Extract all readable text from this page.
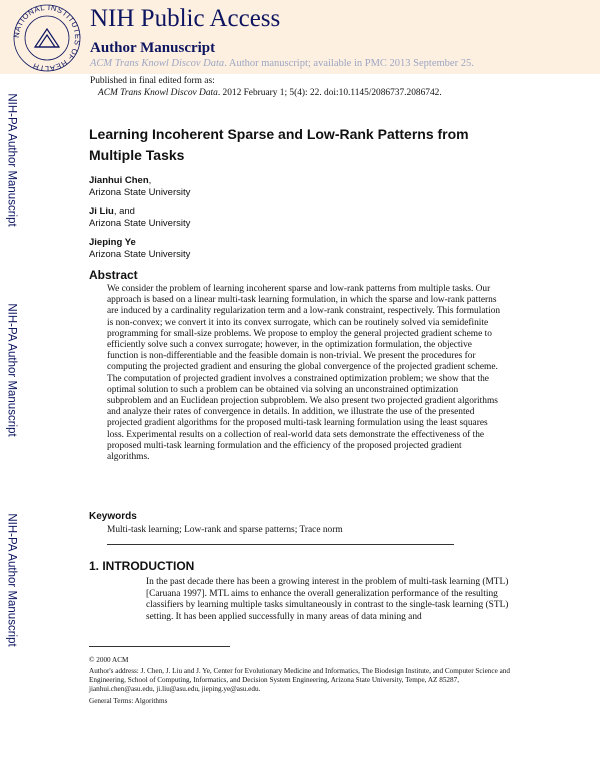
NATIONAL INSTITUTES OF HEALTH
NIH Public Access
Author Manuscript
ACM Trans Knowl Discov Data. Author manuscript; available in PMC 2013 September 25.
Published in final edited form as:
ACM Trans Knowl Discov Data. 2012 February 1; 5(4): 22. doi:10.1145/2086737.2086742.
NIH-PA Author Manuscript
NIH-PA Author Manuscript
NIH-PA Author Manuscript
Learning Incoherent Sparse and Low-Rank Patterns from Multiple Tasks
Jianhui Chen,
Arizona State University
Ji Liu, and
Arizona State University
Jieping Ye
Arizona State University
Abstract

We consider the problem of learning incoherent sparse and low-rank patterns from multiple tasks. Our approach is based on a linear multi-task learning formulation, in which the sparse and low-rank patterns are induced by a cardinality regularization term and a low-rank constraint, respectively. This formulation is non-convex; we convert it into its convex surrogate, which can be routinely solved via semidefinite programming for small-size problems. We propose to employ the general projected gradient scheme to efficiently solve such a convex surrogate; however, in the optimization formulation, the objective function is non-differentiable and the feasible domain is non-trivial. We present the procedures for computing the projected gradient and ensuring the global convergence of the projected gradient scheme. The computation of projected gradient involves a constrained optimization problem; we show that the optimal solution to such a problem can be obtained via solving an unconstrained optimization subproblem and an Euclidean projection subproblem. We also present two projected gradient algorithms and analyze their rates of convergence in details. In addition, we illustrate the use of the presented projected gradient algorithms for the proposed multi-task learning formulation using the least squares loss. Experimental results on a collection of real-world data sets demonstrate the effectiveness of the proposed multi-task learning formulation and the efficiency of the proposed projected gradient algorithms.

Keywords
Multi-task learning; Low-rank and sparse patterns; Trace norm
1. INTRODUCTION

In the past decade there has been a growing interest in the problem of multi-task learning (MTL) [Caruana 1997]. MTL aims to enhance the overall generalization performance of the resulting classifiers by learning multiple tasks simultaneously in contrast to the single-task learning (STL) setting. It has been applied successfully in many areas of data mining and

© 2000 ACM
Author's address: J. Chen, J. Liu and J. Ye, Center for Evolutionary Medicine and Informatics, The Biodesign Institute, and Computer Science and Engineering, School of Computing, Informatics, and Decision System Engineering, Arizona State University, Tempe, AZ 85287, jianhui.chen@asu.edu, ji.liu@asu.edu, jieping.ye@asu.edu.
General Terms: Algorithms
